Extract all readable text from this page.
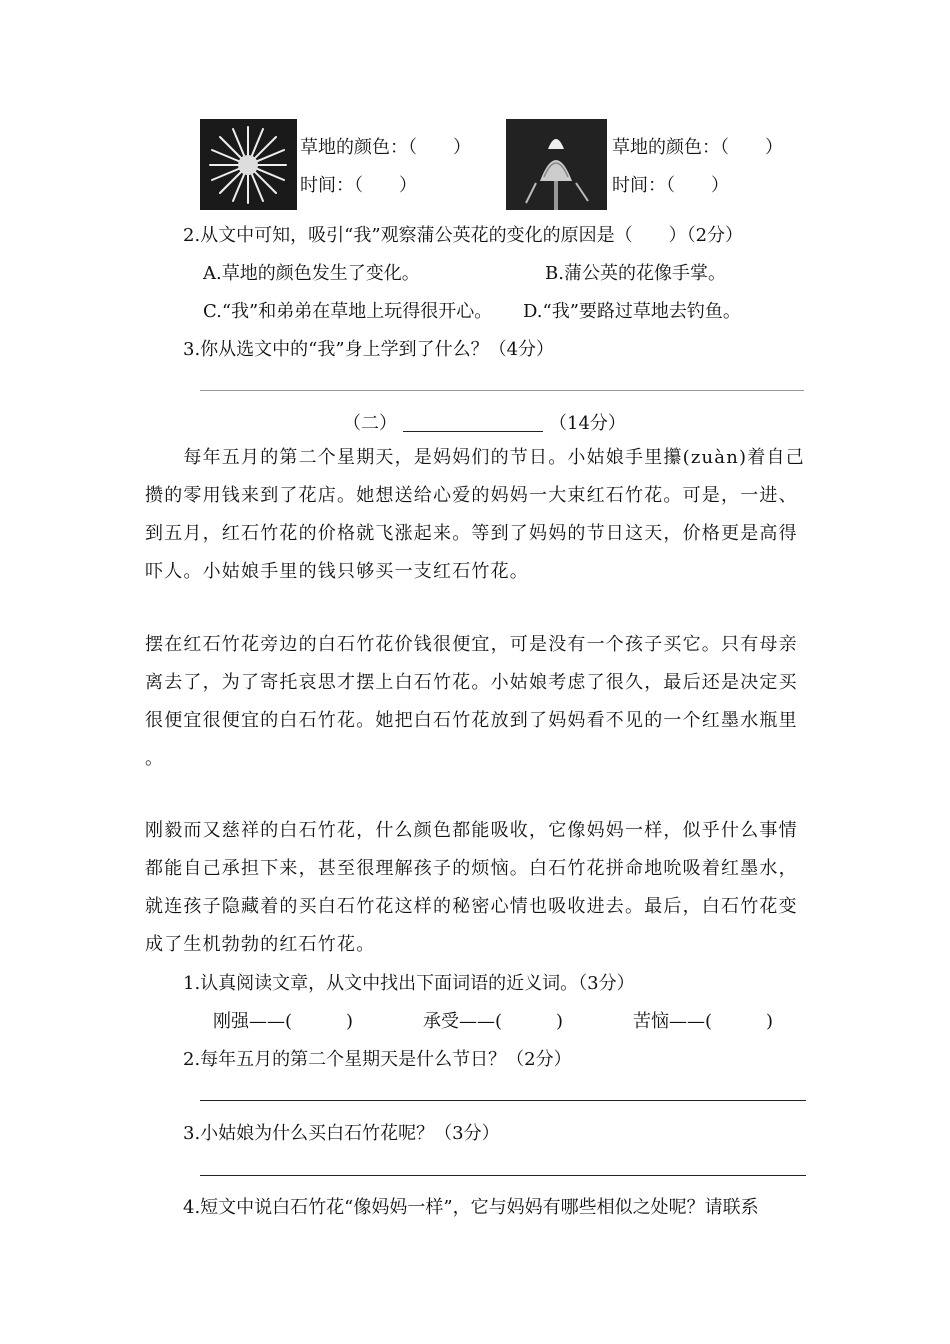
草地的颜色：（　　）
时间：（　　）
草地的颜色：（　　）
时间：（　　）
2.从文中可知，吸引“我”观察蒲公英花的变化的原因是（　　）（2分）
A.草地的颜色发生了变化。	B.蒲公英的花像手掌。
C.“我”和弟弟在草地上玩得很开心。 D.“我”要路过草地去钓鱼。
3.你从选文中的“我”身上学到了什么？（4分）
（二）	（14分）
　　每年五月的第二个星期天，是妈妈们的节日。小姑娘手里攥(zuàn)着自己
攒的零用钱来到了花店。她想送给心爱的妈妈一大束红石竹花。可是，一进、
到五月，红石竹花的价格就飞涨起来。等到了妈妈的节日这天，价格更是高得
吓人。小姑娘手里的钱只够买一支红石竹花。
摆在红石竹花旁边的白石竹花价钱很便宜，可是没有一个孩子买它。只有母亲
离去了，为了寄托哀思才摆上白石竹花。小姑娘考虑了很久，最后还是决定买
很便宜很便宜的白石竹花。她把白石竹花放到了妈妈看不见的一个红墨水瓶里
。
刚毅而又慈祥的白石竹花，什么颜色都能吸收，它像妈妈一样，似乎什么事情
都能自己承担下来，甚至很理解孩子的烦恼。白石竹花拼命地吮吸着红墨水，
就连孩子隐藏着的买白石竹花这样的秘密心情也吸收进去。最后，白石竹花变
成了生机勃勃的红石竹花。
1.认真阅读文章，从文中找出下面词语的近义词。（3分）
刚强——(　　　)	承受——(　　　)	苦恼——(　　　)
2.每年五月的第二个星期天是什么节日？（2分）
3.小姑娘为什么买白石竹花呢？（3分）
4.短文中说白石竹花“像妈妈一样”，它与妈妈有哪些相似之处呢？请联系
